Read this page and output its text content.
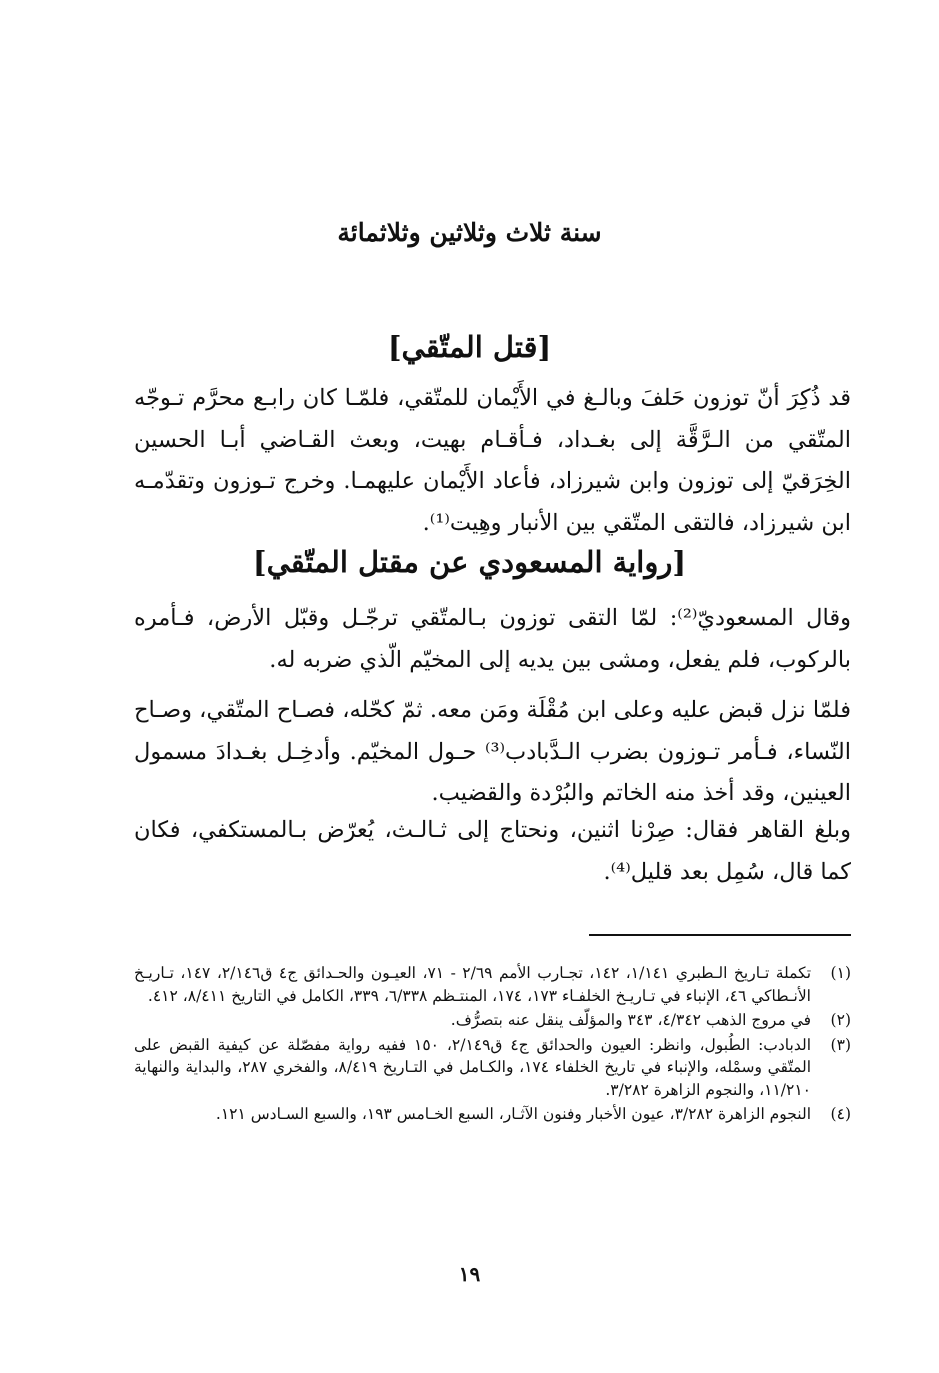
سنة ثلاث وثلاثين وثلاثمائة
[قتل المتّقي]
قد ذُكِرَ أنّ توزون حَلفَ وبالـغ في الأَيْمان للمتّقي، فلمّـا كان رابـع محرَّم تـوجّه المتّقي من الـرَّقَّة إلى بغـداد، فـأقـام بهيت، وبعث القـاضي أبـا الحسين الخِرَقيّ إلى توزون وابن شيرزاد، فأعاد الأَيْمان عليهمـا. وخرج تـوزون وتقدّمـه ابن شيرزاد، فالتقى المتّقي بين الأنبار وهِيت⁽¹⁾.
[رواية المسعودي عن مقتل المتّقي]
وقال المسعوديّ⁽²⁾: لمّا التقى توزون بـالمتّقي ترجّـل وقبّل الأرض، فـأمره بالركوب، فلم يفعل، ومشى بين يديه إلى المخيّم الّذي ضربه له.
فلمّا نزل قبض عليه وعلى ابن مُقْلَة ومَن معه. ثمّ كحّله، فصـاح المتّقي، وصـاح النّساء، فـأمر تـوزون بضرب الـدَّبادب⁽³⁾ حـول المخيّم. وأدخِـل بغـدادَ مسمول العينين، وقد أخذ منه الخاتم والبُرْدة والقضيب.
وبلغ القاهر فقال: صِرْنا اثنين، ونحتاج إلى ثـالـث، يُعرّض بـالمستكفي، فكان كما قال، سُمِل بعد قليل⁽⁴⁾.
(١)
تكملة تـاريخ الـطبري ١/١٤١، ١٤٢، تجـارب الأمم ٢/٦٩ - ٧١، العيـون والحـدائق ج٤ ق٢/١٤٦، ١٤٧، تـاريـخ الأنـطاكي ٤٦، الإنباء في تـاريـخ الخلفـاء ١٧٣، ١٧٤، المنتـظم ٦/٣٣٨، ٣٣٩، الكامل في التاريخ ٨/٤١١، ٤١٢.
(٢)
في مروج الذهب ٤/٣٤٢، ٣٤٣ والمؤلّف ينقل عنه بتصرُّف.
(٣)
الدبادب: الطُبول، وانظر: العيون والحدائق ج٤ ق٢/١٤٩، ١٥٠ ففيه رواية مفصّلة عن كيفية القبض على المتّقي وسمْله، والإنباء في تاريخ الخلفاء ١٧٤، والكـامل في التـاريخ ٨/٤١٩، والفخري ٢٨٧، والبداية والنهاية ١١/٢١٠، والنجوم الزاهرة ٣/٢٨٢.
(٤)
النجوم الزاهرة ٣/٢٨٢، عيون الأخبار وفنون الآثـار، السبع الخـامس ١٩٣، والسبع السـادس ١٢١.
١٩
